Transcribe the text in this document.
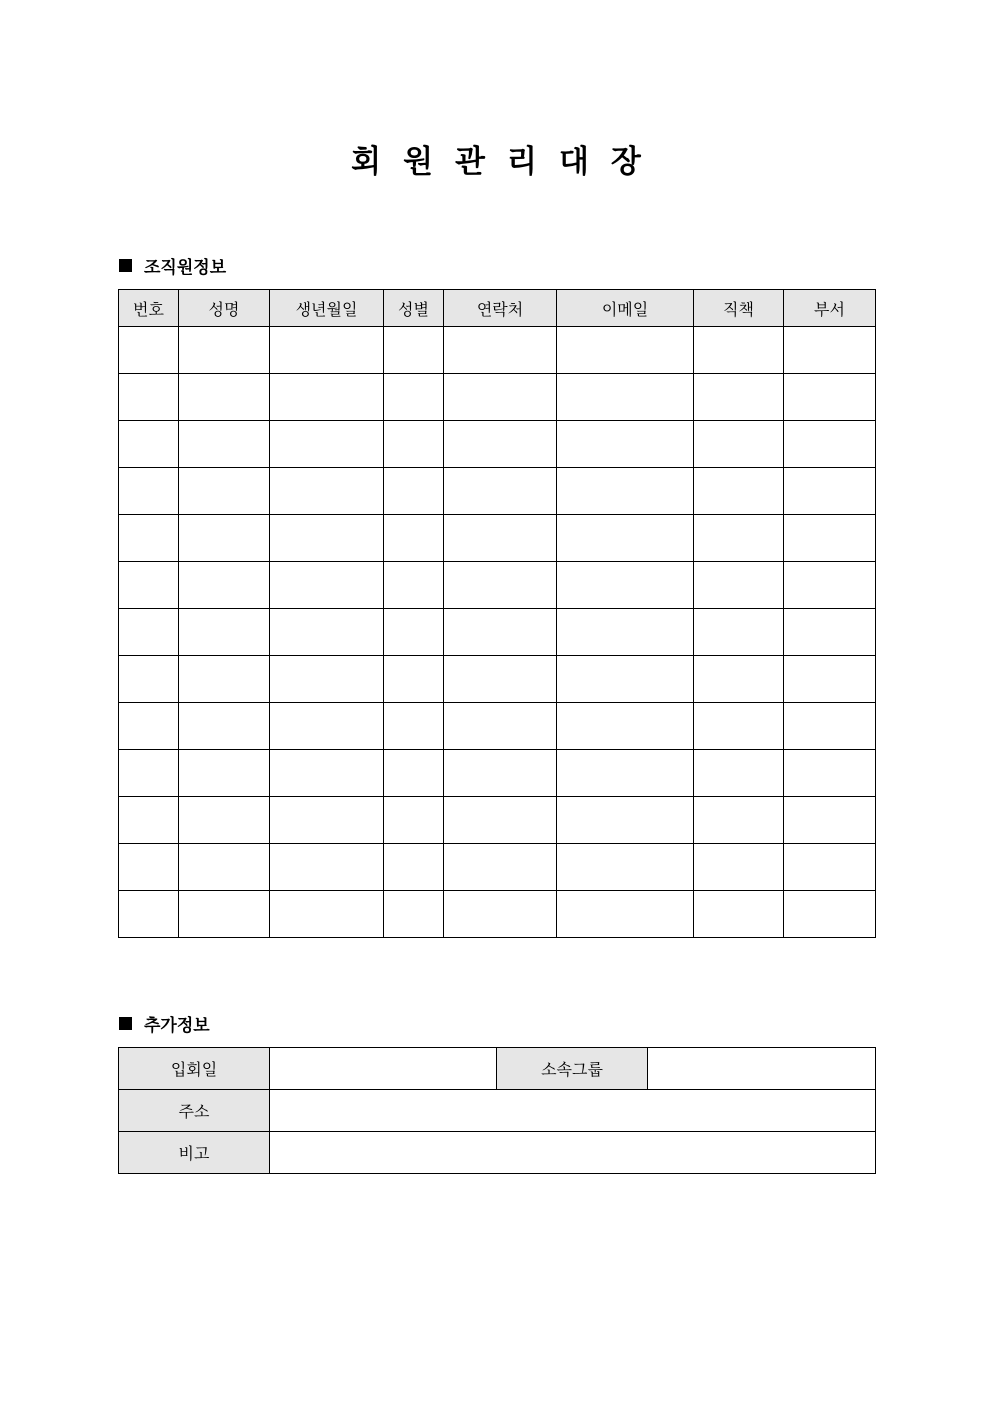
회원관리대장
조직원정보
번호	성명	생년월일	성별	연락처	이메일	직책	부서

추가정보
입회일		소속그룹	
주소			
비고			
